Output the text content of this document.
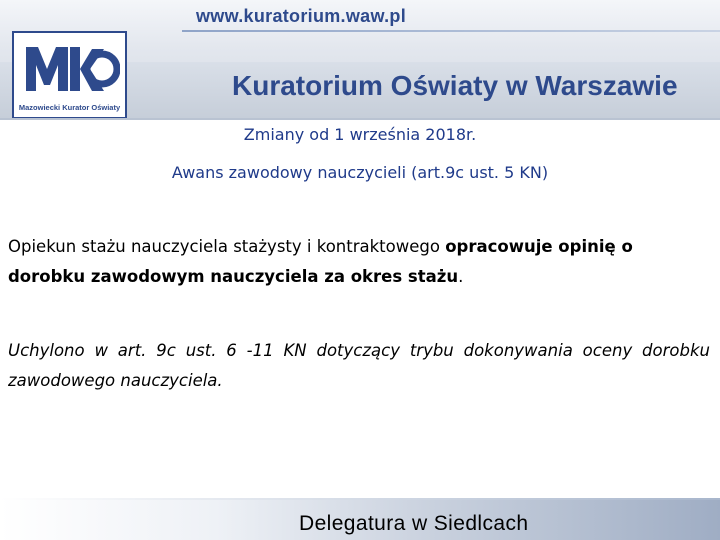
www.kuratorium.waw.pl
Mazowiecki Kurator Oświaty
Kuratorium Oświaty w Warszawie
Zmiany od 1 września 2018r.
Awans zawodowy nauczycieli (art.9c ust. 5 KN)
Opiekun stażu nauczyciela stażysty i kontraktowego opracowuje opinię o dorobku zawodowym nauczyciela za okres stażu.
Uchylono w art. 9c ust. 6 -11 KN dotyczący trybu dokonywania oceny dorobku zawodowego nauczyciela.
Delegatura w Siedlcach
